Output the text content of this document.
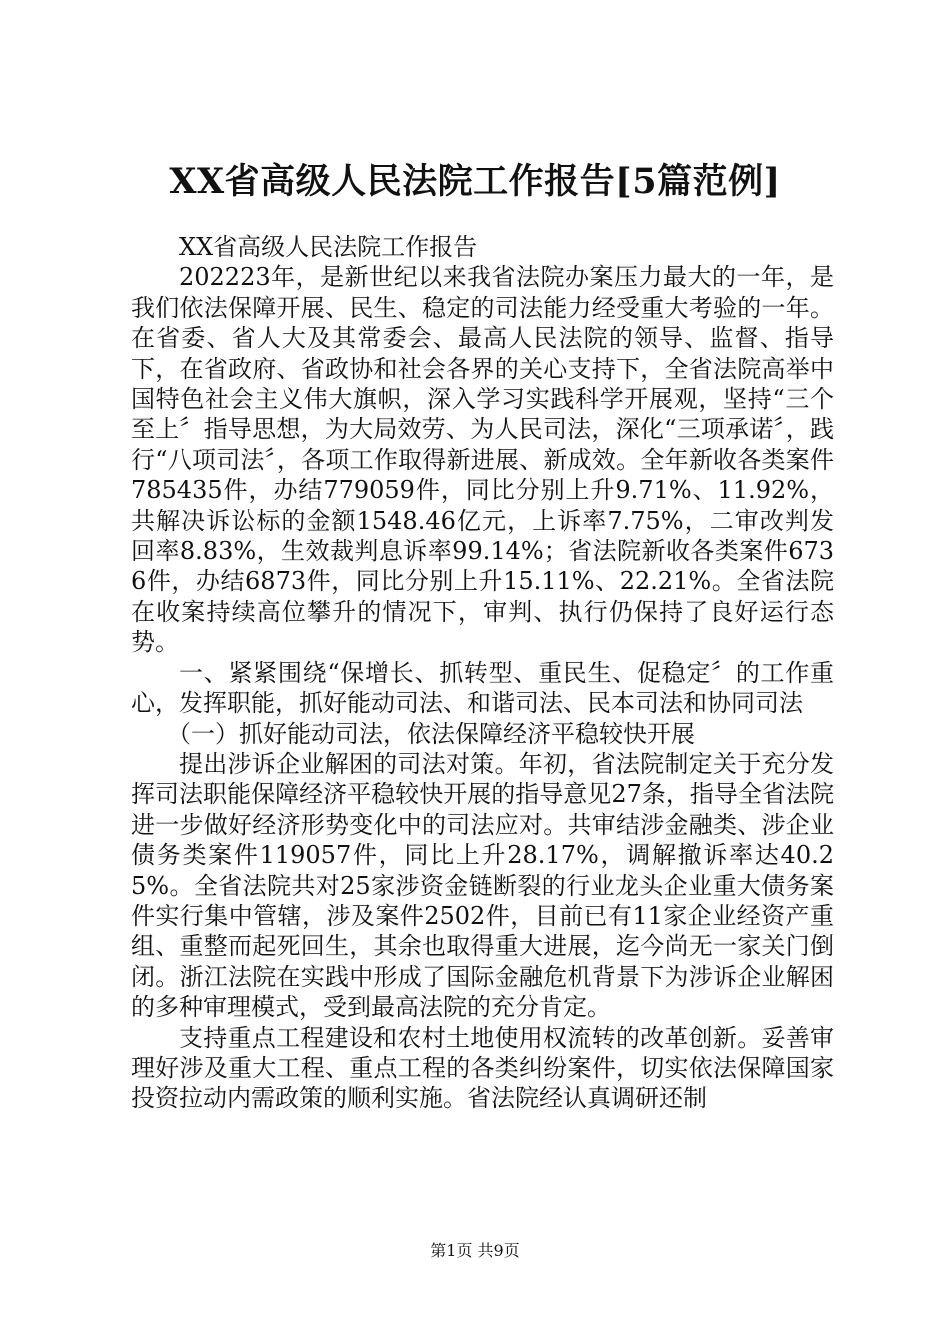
XX省高级人民法院工作报告[5篇范例]

XX省高级人民法院工作报告

202223年，是新世纪以来我省法院办案压力最大的一年，是我们依法保障开展、民生、稳定的司法能力经受重大考验的一年。在省委、省人大及其常委会、最高人民法院的领导、监督、指导下，在省政府、省政协和社会各界的关心支持下，全省法院高举中国特色社会主义伟大旗帜，深入学习实践科学开展观，坚持“三个至上〞指导思想，为大局效劳、为人民司法，深化“三项承诺〞，践行“八项司法〞，各项工作取得新进展、新成效。全年新收各类案件785435件，办结779059件，同比分别上升9.71%、11.92%，共解决诉讼标的金额1548.46亿元，上诉率7.75%，二审改判发回率8.83%，生效裁判息诉率99.14%；省法院新收各类案件6736件，办结6873件，同比分别上升15.11%、22.21%。全省法院在收案持续高位攀升的情况下，审判、执行仍保持了良好运行态势。

一、紧紧围绕“保增长、抓转型、重民生、促稳定〞的工作重心，发挥职能，抓好能动司法、和谐司法、民本司法和协同司法

（一）抓好能动司法，依法保障经济平稳较快开展

提出涉诉企业解困的司法对策。年初，省法院制定关于充分发挥司法职能保障经济平稳较快开展的指导意见27条，指导全省法院进一步做好经济形势变化中的司法应对。共审结涉金融类、涉企业债务类案件119057件，同比上升28.17%，调解撤诉率达40.25%。全省法院共对25家涉资金链断裂的行业龙头企业重大债务案件实行集中管辖，涉及案件2502件，目前已有11家企业经资产重组、重整而起死回生，其余也取得重大进展，迄今尚无一家关门倒闭。浙江法院在实践中形成了国际金融危机背景下为涉诉企业解困的多种审理模式，受到最高法院的充分肯定。

支持重点工程建设和农村土地使用权流转的改革创新。妥善审理好涉及重大工程、重点工程的各类纠纷案件，切实依法保障国家投资拉动内需政策的顺利实施。省法院经认真调研还制

第1页 共9页
